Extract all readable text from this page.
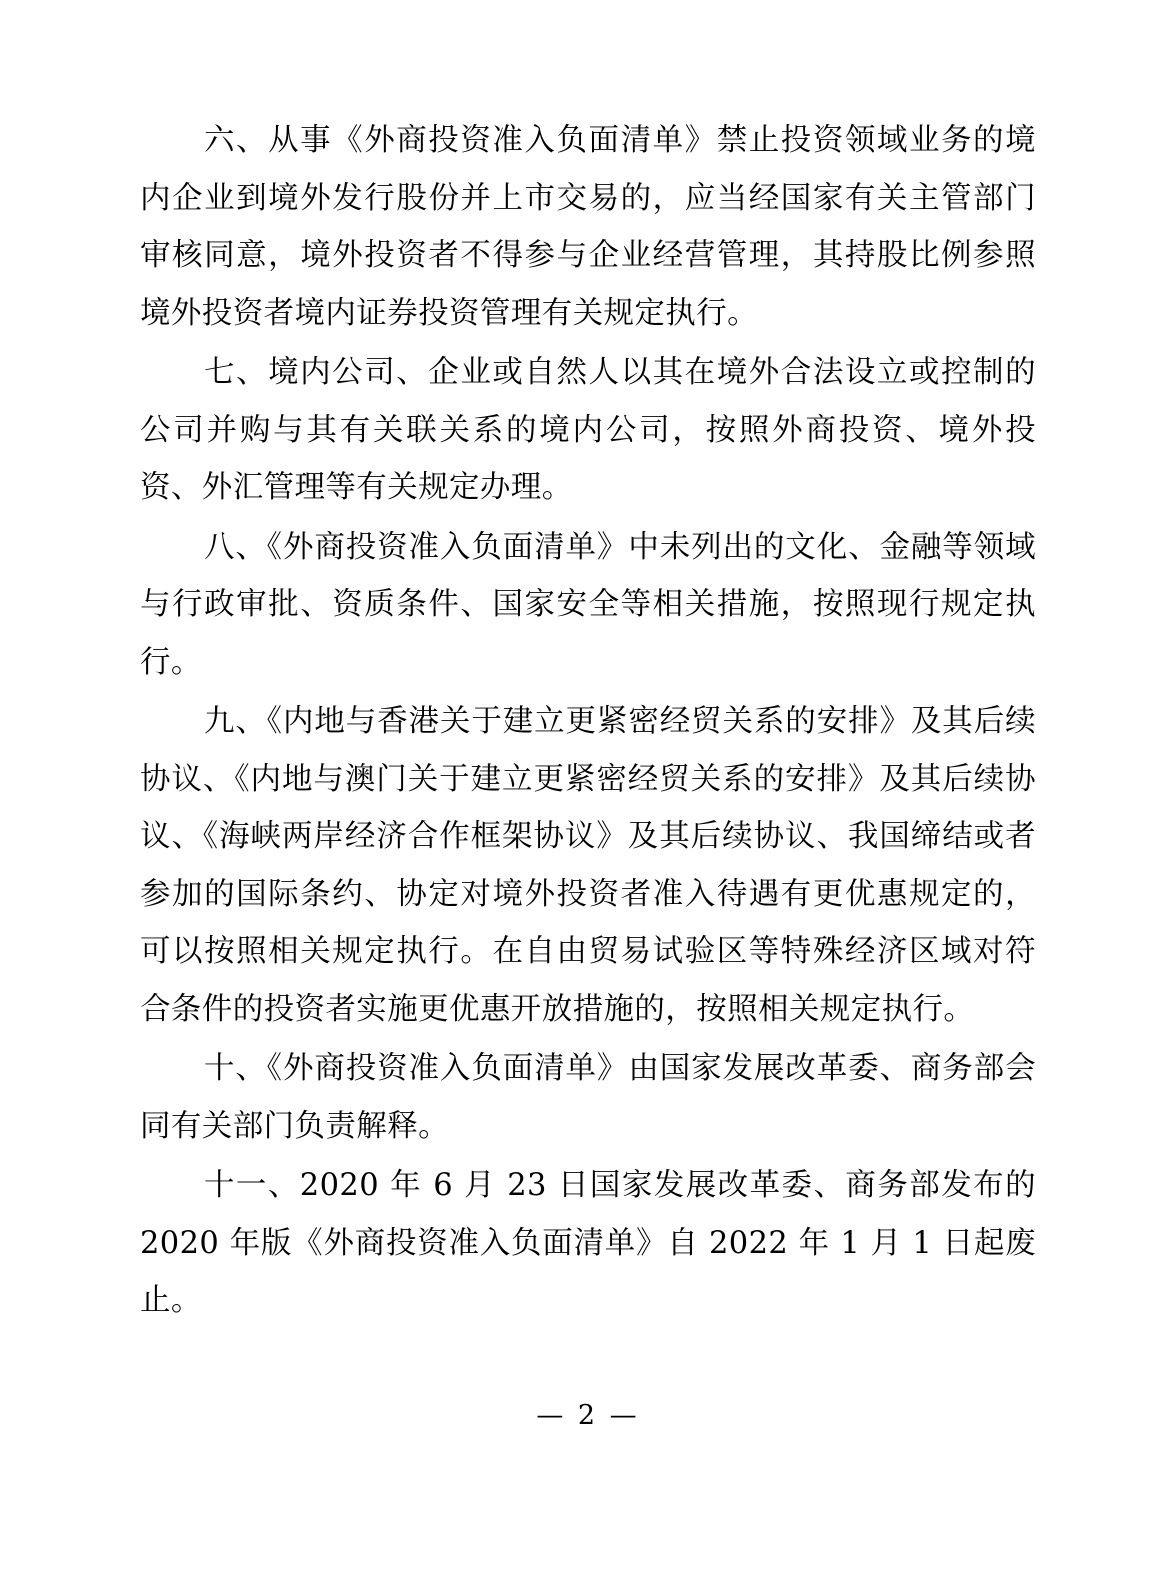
六、从事《外商投资准入负面清单》禁止投资领域业务的境内企业到境外发行股份并上市交易的，应当经国家有关主管部门审核同意，境外投资者不得参与企业经营管理，其持股比例参照境外投资者境内证券投资管理有关规定执行。

七、境内公司、企业或自然人以其在境外合法设立或控制的公司并购与其有关联关系的境内公司，按照外商投资、境外投资、外汇管理等有关规定办理。

八、《外商投资准入负面清单》中未列出的文化、金融等领域与行政审批、资质条件、国家安全等相关措施，按照现行规定执行。

九、《内地与香港关于建立更紧密经贸关系的安排》及其后续协议、《内地与澳门关于建立更紧密经贸关系的安排》及其后续协议、《海峡两岸经济合作框架协议》及其后续协议、我国缔结或者参加的国际条约、协定对境外投资者准入待遇有更优惠规定的，可以按照相关规定执行。在自由贸易试验区等特殊经济区域对符合条件的投资者实施更优惠开放措施的，按照相关规定执行。

十、《外商投资准入负面清单》由国家发展改革委、商务部会同有关部门负责解释。

十一、2020 年 6 月 23 日国家发展改革委、商务部发布的 2020 年版《外商投资准入负面清单》自 2022 年 1 月 1 日起废止。

— 2 —
